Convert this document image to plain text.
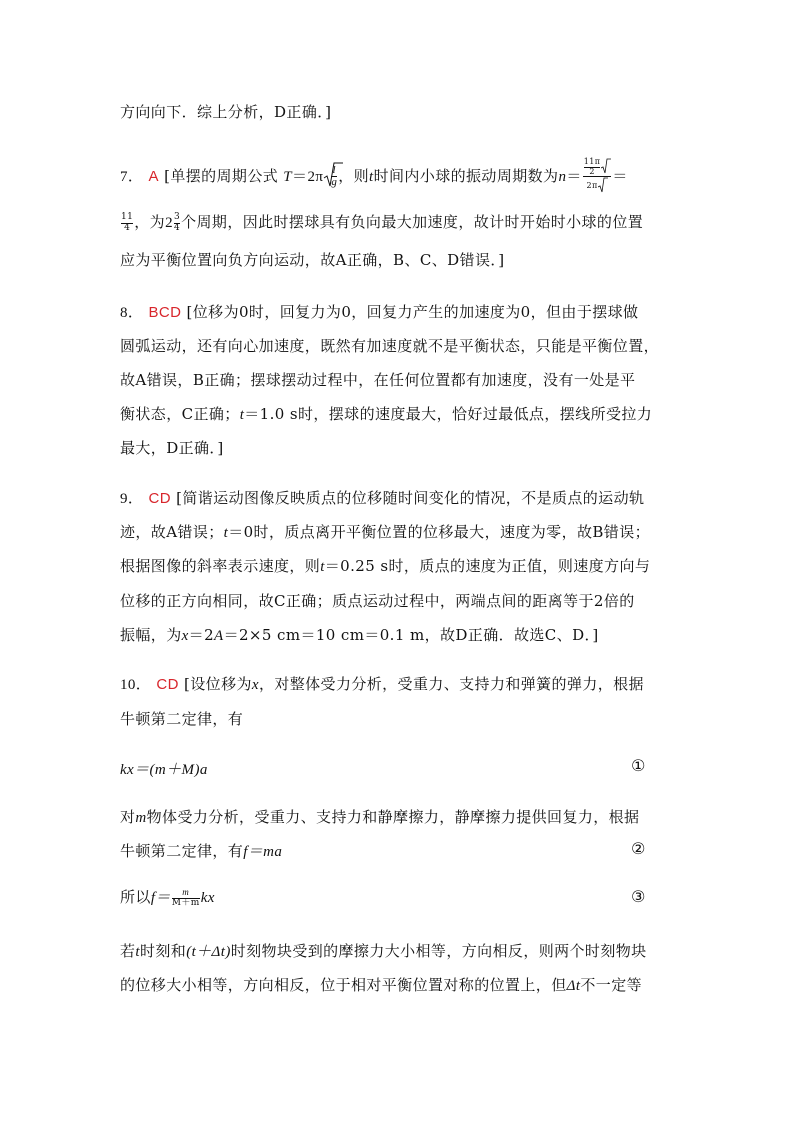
方向向下．综上分析，D正确．]
7． A [单摆的周期公式 $T=2\pi \frac{l}{g}$ ，则t时间内小球的振动周期数为$n= \frac{\frac{11\pi}{2}}{2\pi}$ ＝
$\frac{11}{4}$ ，为$2 \frac{3}{4}$ 个周期，因此时摆球具有负向最大加速度，故计时开始时小球的位置
应为平衡位置向负方向运动，故A正确，B、C、D错误．]
8． BCD [位移为0时，回复力为0，回复力产生的加速度为0，但由于摆球做
圆弧运动，还有向心加速度，既然有加速度就不是平衡状态，只能是平衡位置，
故A错误，B正确；摆球摆动过程中，在任何位置都有加速度，没有一处是平
衡状态，C正确；t＝1.0 s时，摆球的速度最大，恰好过最低点，摆线所受拉力
最大，D正确．]
9． CD [简谐运动图像反映质点的位移随时间变化的情况，不是质点的运动轨
迹，故A错误；t＝0时，质点离开平衡位置的位移最大，速度为零，故B错误；
根据图像的斜率表示速度，则t＝0.25 s时，质点的速度为正值，则速度方向与
位移的正方向相同，故C正确；质点运动过程中，两端点间的距离等于2倍的
振幅，为x＝2A＝2×5 cm＝10 cm＝0.1 m，故D正确．故选C、D．]
10． CD [设位移为x，对整体受力分析，受重力、支持力和弹簧的弹力，根据
牛顿第二定律，有
kx＝(m＋M)a	①
对m物体受力分析，受重力、支持力和静摩擦力，静摩擦力提供回复力，根据
牛顿第二定律，有f＝ma	②
所以$f= \frac{m}{M+m}$ kx	③
若t时刻和(t＋Δt)时刻物块受到的摩擦力大小相等，方向相反，则两个时刻物块
的位移大小相等，方向相反，位于相对平衡位置对称的位置上，但Δt不一定等
